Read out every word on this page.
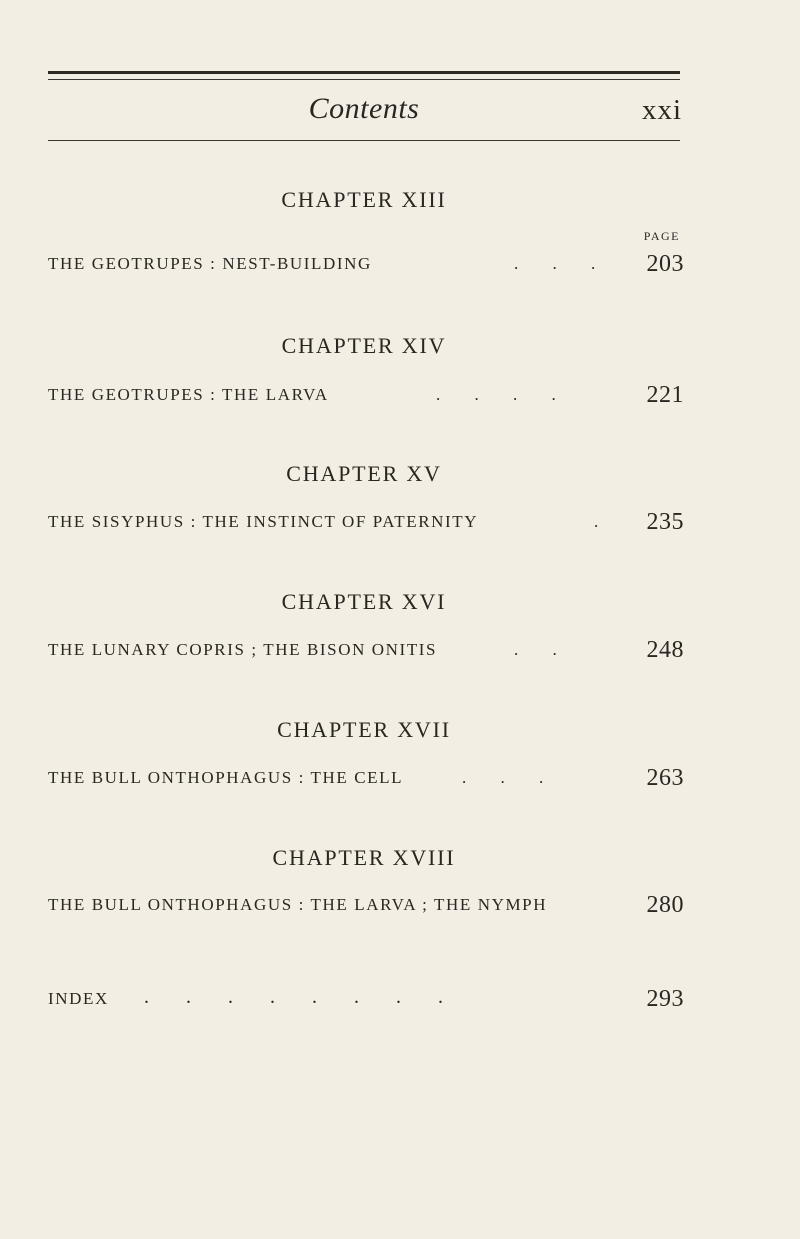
Contents	xxi
PAGE
CHAPTER XIII
THE GEOTRUPES : NEST-BUILDING	. . . 203
CHAPTER XIV
THE GEOTRUPES : THE LARVA	. . . .	221
CHAPTER XV
THE SISYPHUS : THE INSTINCT OF PATERNITY	. 235
CHAPTER XVI
THE LUNARY COPRIS ; THE BISON ONITIS	. .	248
CHAPTER XVII
THE BULL ONTHOPHAGUS : THE CELL	. . .	263
CHAPTER XVIII
THE BULL ONTHOPHAGUS : THE LARVA ; THE NYMPH	280
INDEX . . . . . . . .	293
